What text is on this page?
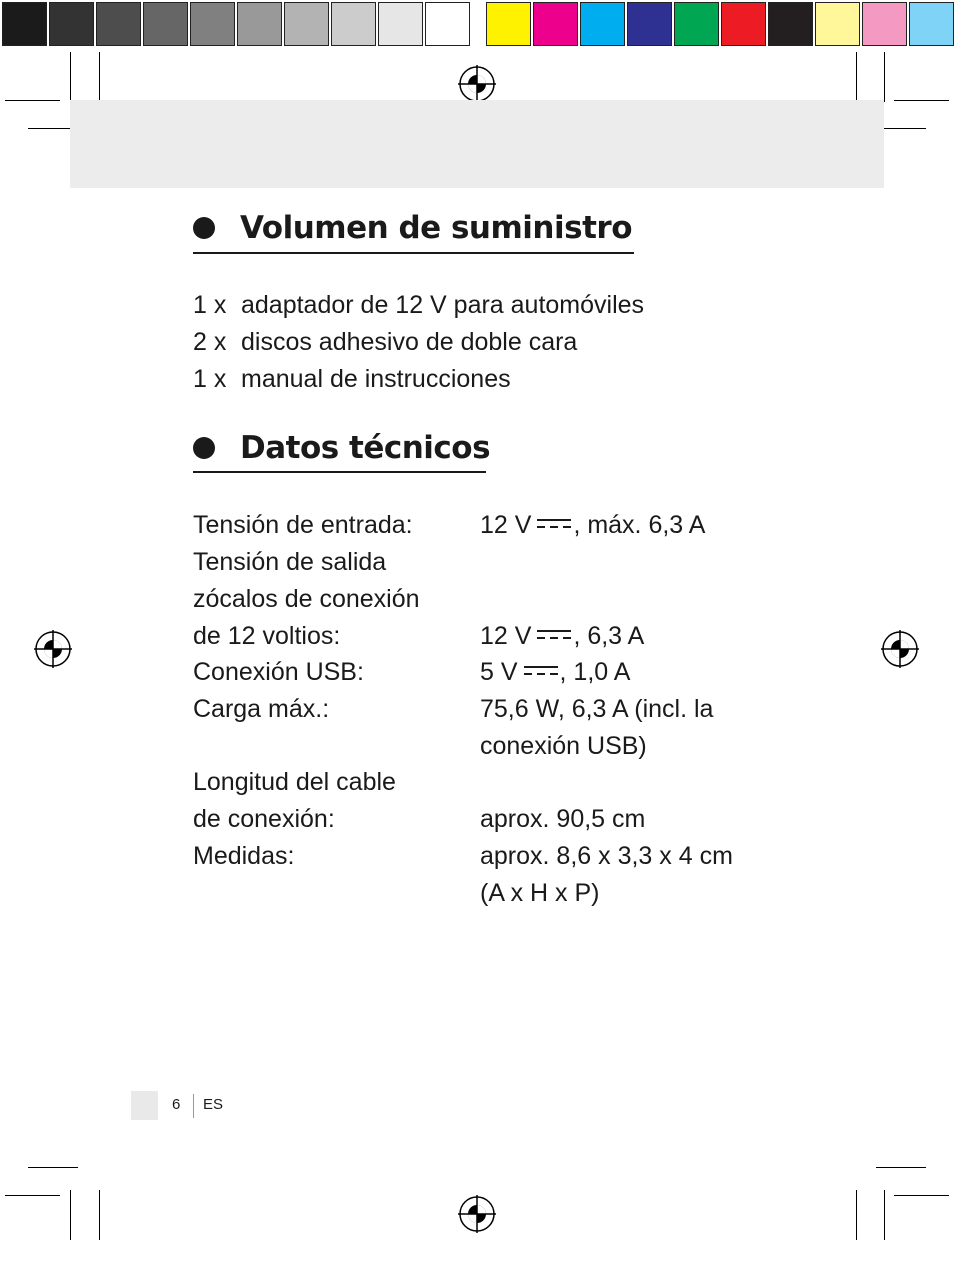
Volumen de suministro
1 x adaptador de 12 V para automóviles
2 x discos adhesivo de doble cara
1 x manual de instrucciones
Datos técnicos
Tensión de entrada:	12 V , máx. 6,3 A
Tensión de salida
zócalos de conexión
de 12 voltios:	12 V , 6,3 A
Conexión USB:	5 V , 1,0 A
Carga máx.:	75,6 W, 6,3 A (incl. la
conexión USB)
Longitud del cable
de conexión:	aprox. 90,5 cm
Medidas:	aprox. 8,6 x 3,3 x 4 cm
(A x H x P)
6 ES
